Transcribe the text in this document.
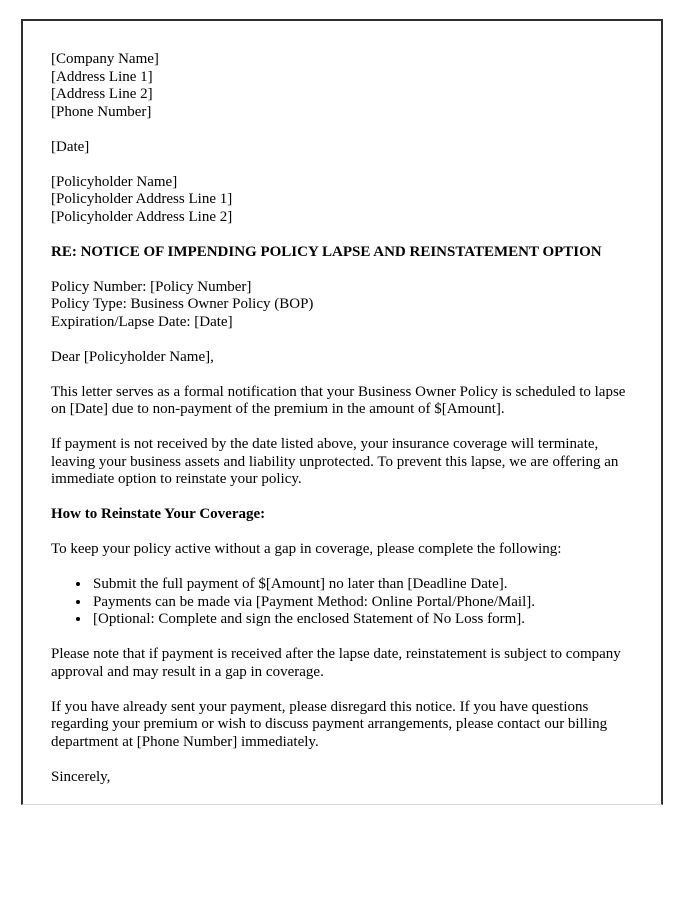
[Company Name]
[Address Line 1]
[Address Line 2]
[Phone Number]

[Date]

[Policyholder Name]
[Policyholder Address Line 1]
[Policyholder Address Line 2]

RE: NOTICE OF IMPENDING POLICY LAPSE AND REINSTATEMENT OPTION

Policy Number: [Policy Number]
Policy Type: Business Owner Policy (BOP)
Expiration/Lapse Date: [Date]

Dear [Policyholder Name],

This letter serves as a formal notification that your Business Owner Policy is scheduled to lapse on [Date] due to non-payment of the premium in the amount of $[Amount].

If payment is not received by the date listed above, your insurance coverage will terminate, leaving your business assets and liability unprotected. To prevent this lapse, we are offering an immediate option to reinstate your policy.

How to Reinstate Your Coverage:

To keep your policy active without a gap in coverage, please complete the following:

• Submit the full payment of $[Amount] no later than [Deadline Date].
• Payments can be made via [Payment Method: Online Portal/Phone/Mail].
• [Optional: Complete and sign the enclosed Statement of No Loss form].

Please note that if payment is received after the lapse date, reinstatement is subject to company approval and may result in a gap in coverage.

If you have already sent your payment, please disregard this notice. If you have questions regarding your premium or wish to discuss payment arrangements, please contact our billing department at [Phone Number] immediately.

Sincerely,
